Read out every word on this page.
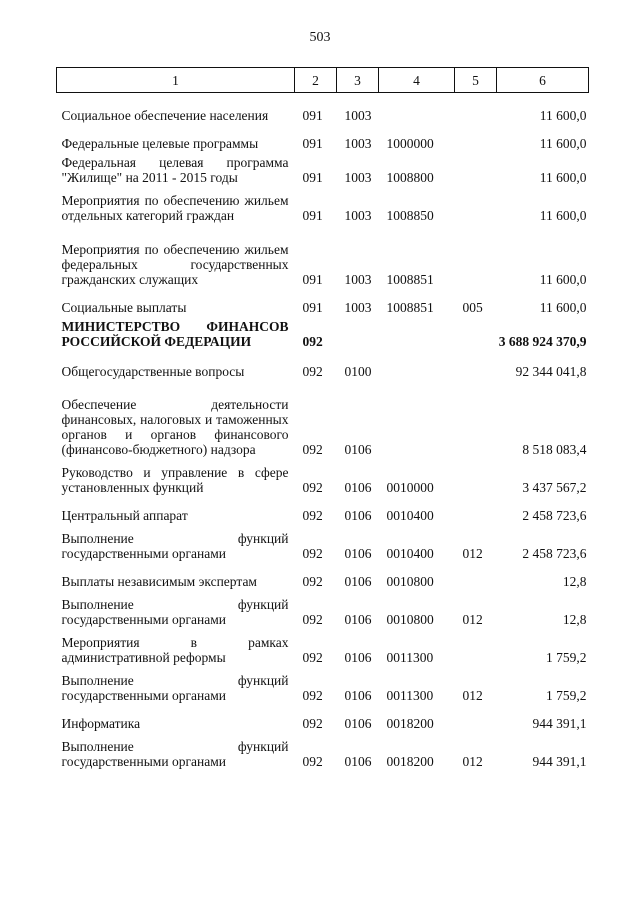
503
1	2	3	4	5	6
Социальное обеспечение населения	091	1003			11 600,0
Федеральные целевые программы	091	1003	1000000		11 600,0
Федеральная целевая программа "Жилище" на 2011 - 2015 годы	091	1003	1008800		11 600,0
Мероприятия по обеспечению жильем отдельных категорий граждан	091	1003	1008850		11 600,0
Мероприятия по обеспечению жильем федеральных государственных гражданских служащих	091	1003	1008851		11 600,0
Социальные выплаты	091	1003	1008851	005	11 600,0
МИНИСТЕРСТВО ФИНАНСОВ РОССИЙСКОЙ ФЕДЕРАЦИИ	092				3 688 924 370,9
Общегосударственные вопросы	092	0100			92 344 041,8
Обеспечение деятельности финансовых, налоговых и таможенных органов и органов финансового (финансово-бюджетного) надзора	092	0106			8 518 083,4
Руководство и управление в сфере установленных функций	092	0106	0010000		3 437 567,2
Центральный аппарат	092	0106	0010400		2 458 723,6
Выполнение функций государственными органами	092	0106	0010400	012	2 458 723,6
Выплаты независимым экспертам	092	0106	0010800		12,8
Выполнение функций государственными органами	092	0106	0010800	012	12,8
Мероприятия в рамках административной реформы	092	0106	0011300		1 759,2
Выполнение функций государственными органами	092	0106	0011300	012	1 759,2
Информатика	092	0106	0018200		944 391,1
Выполнение функций государственными органами	092	0106	0018200	012	944 391,1
